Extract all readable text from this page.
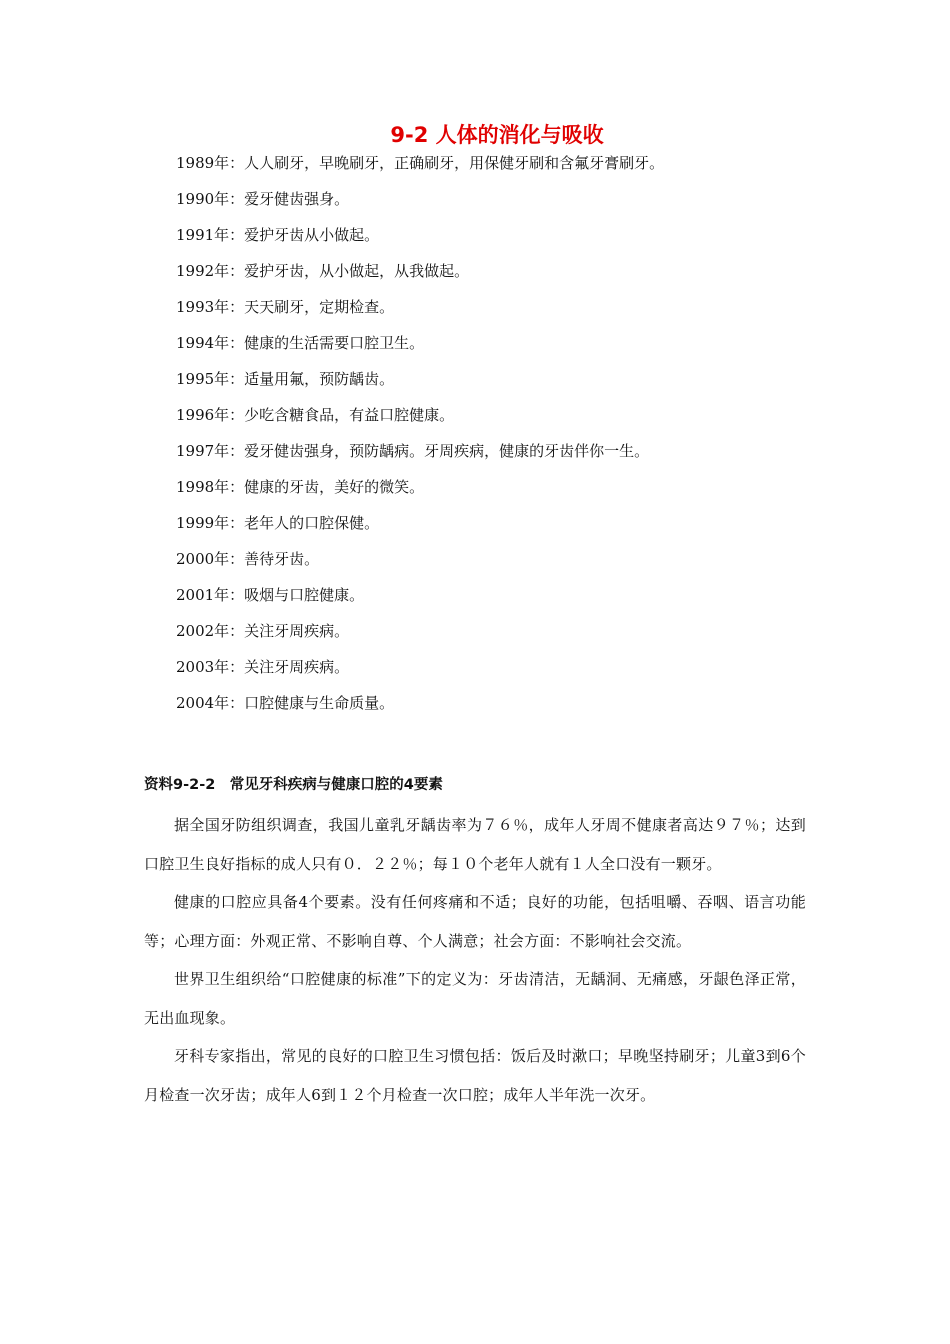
9-2 人体的消化与吸收
1989年：人人刷牙，早晚刷牙，正确刷牙，用保健牙刷和含氟牙膏刷牙。
1990年：爱牙健齿强身。
1991年：爱护牙齿从小做起。
1992年：爱护牙齿，从小做起，从我做起。
1993年：天天刷牙，定期检查。
1994年：健康的生活需要口腔卫生。
1995年：适量用氟，预防龋齿。
1996年：少吃含糖食品，有益口腔健康。
1997年：爱牙健齿强身，预防龋病。牙周疾病，健康的牙齿伴你一生。
1998年：健康的牙齿，美好的微笑。
1999年：老年人的口腔保健。
2000年：善待牙齿。
2001年：吸烟与口腔健康。
2002年：关注牙周疾病。
2003年：关注牙周疾病。
2004年：口腔健康与生命质量。
资料9-2-2　常见牙科疾病与健康口腔的4要素

据全国牙防组织调查，我国儿童乳牙龋齿率为７６％，成年人牙周不健康者高达９７％；达到口腔卫生良好指标的成人只有０．２２％；每１０个老年人就有１人全口没有一颗牙。

健康的口腔应具备4个要素。没有任何疼痛和不适；良好的功能，包括咀嚼、吞咽、语言功能等；心理方面：外观正常、不影响自尊、个人满意；社会方面：不影响社会交流。

世界卫生组织给“口腔健康的标准”下的定义为：牙齿清洁，无龋洞、无痛感，牙龈色泽正常，无出血现象。

牙科专家指出，常见的良好的口腔卫生习惯包括：饭后及时漱口；早晚坚持刷牙；儿童3到6个月检查一次牙齿；成年人6到１２个月检查一次口腔；成年人半年洗一次牙。
